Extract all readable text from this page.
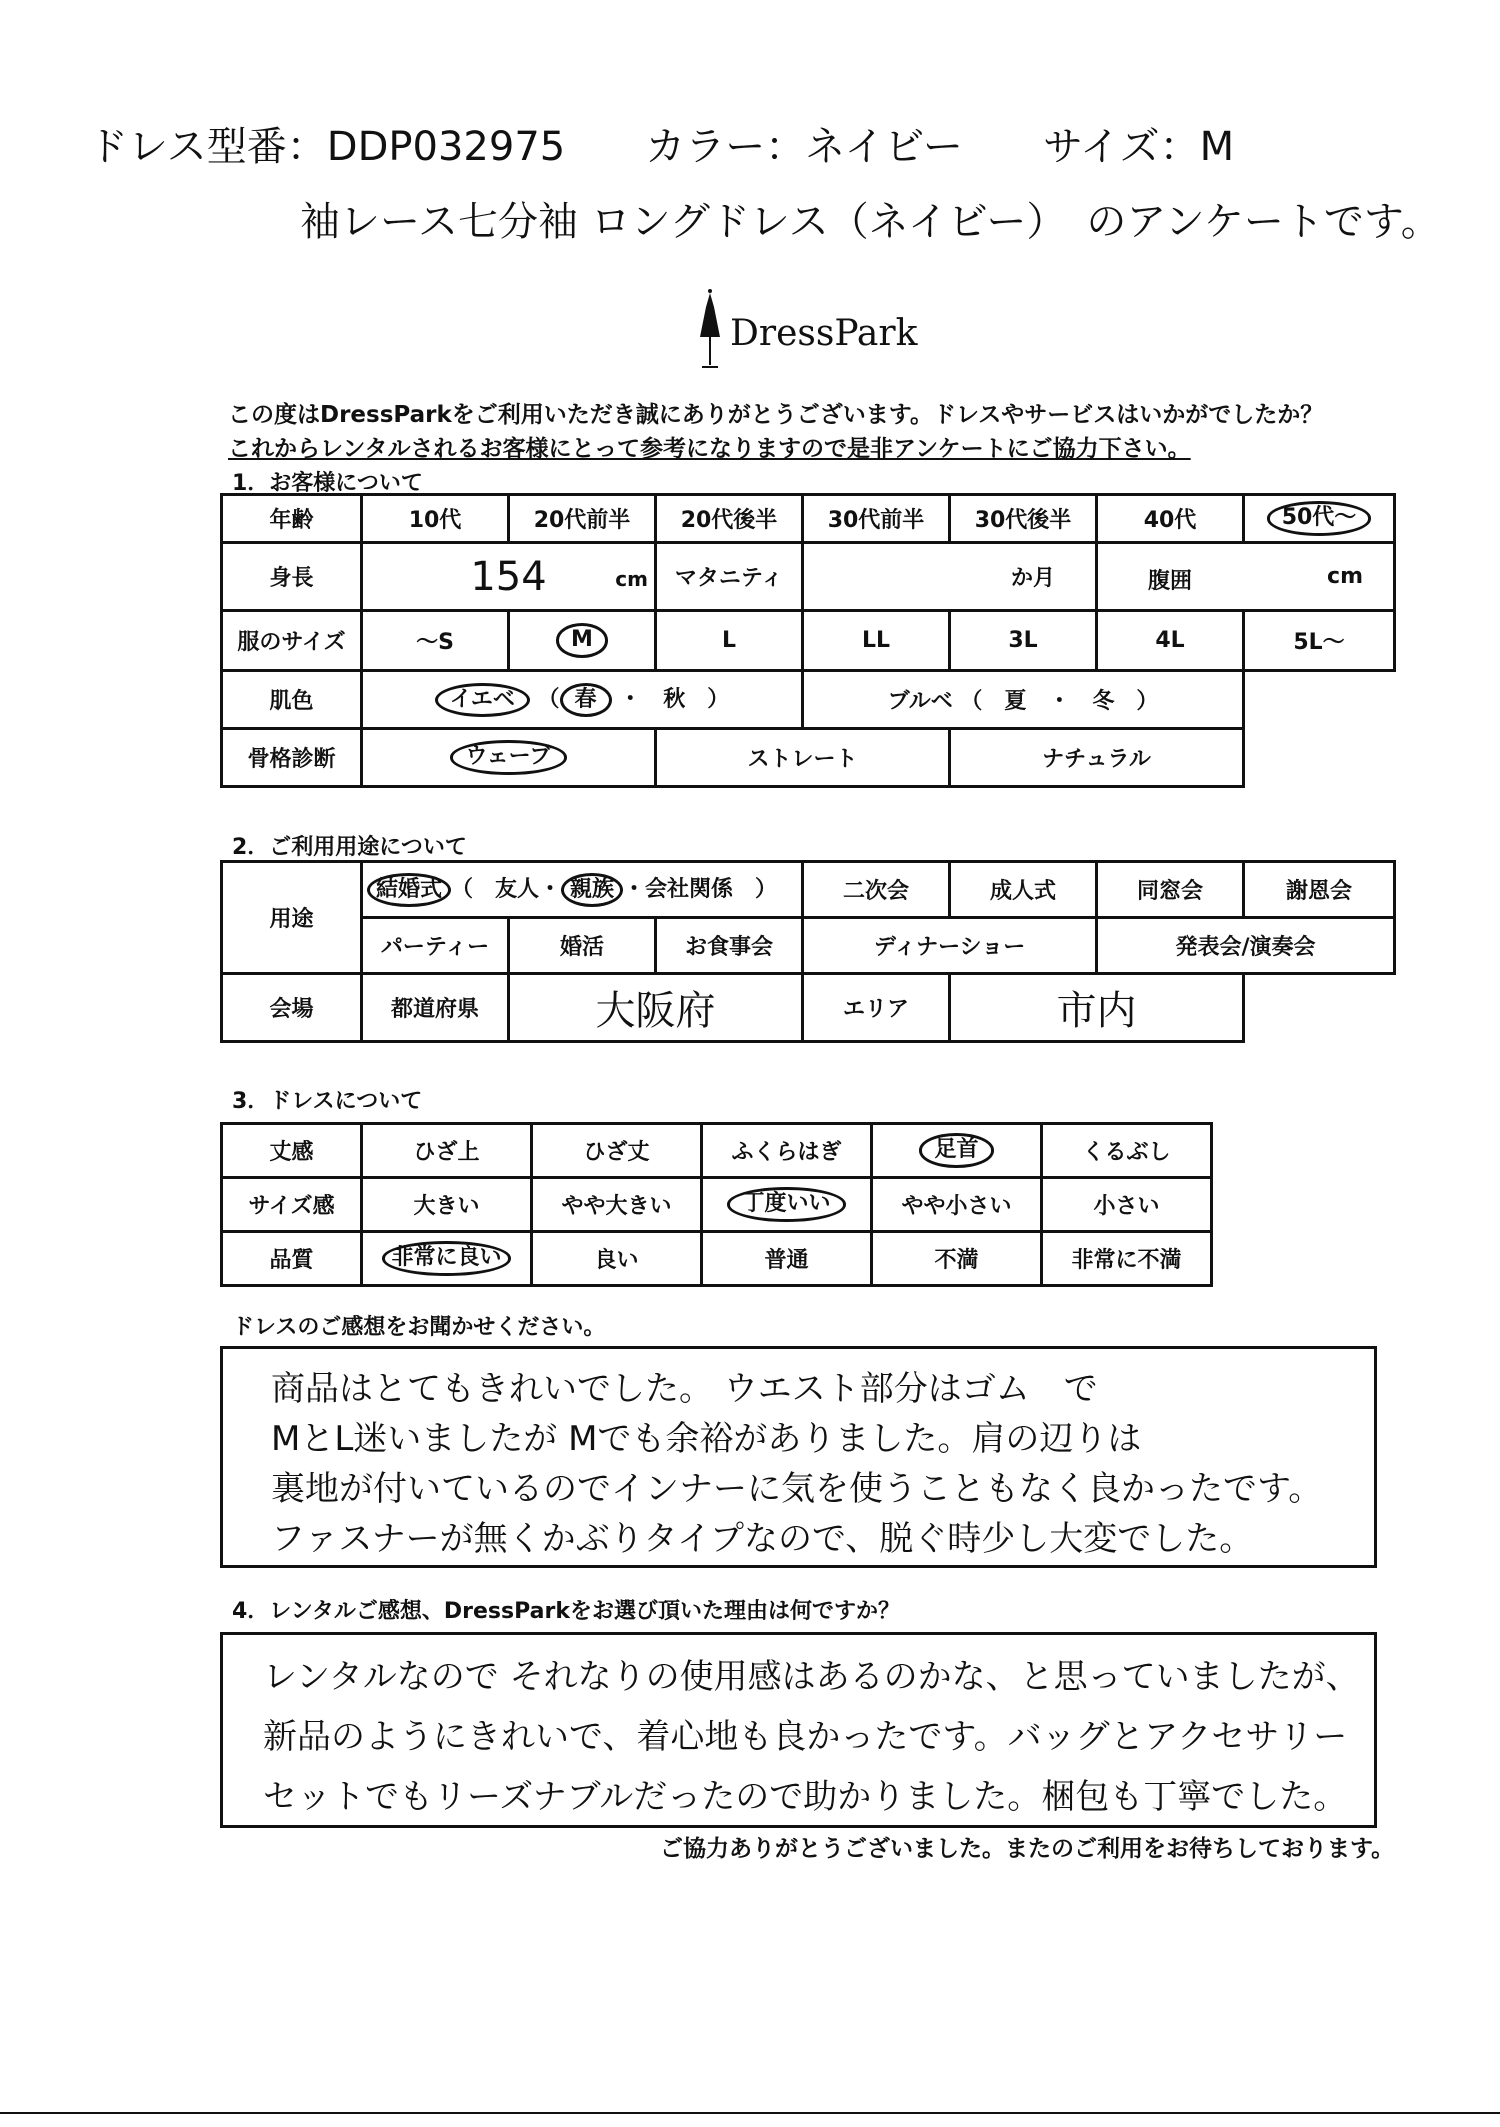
ドレス型番：DDP032975　　カラー：ネイビー　　サイズ：M
袖レース七分袖 ロングドレス（ネイビー）　のアンケートです。
DressPark
この度はDressParkをご利用いただき誠にありがとうございます。ドレスやサービスはいかがでしたか？
これからレンタルされるお客様にとって参考になりますので是非アンケートにご協力下さい。
1．お客様について
年齢	10代	20代前半	20代後半	30代前半	30代後半	40代	50代～
身長	154 cm		マタニティ	か月		腹囲 cm	

服のサイズ	～S	M	L	LL	3L	4L	5L～
肌色	イエベ （ 春 ・　秋　）			ブルベ （　夏　・　冬　）			
骨格診断	ウェーブ		ストレート		ナチュラル		
2．ご利用用途について
用途	結婚式 （　友人・ 親族 ・会社関係　）			二次会	成人式	同窓会	謝恩会
	パーティー	婚活	お食事会	ディナーショー		発表会/演奏会	
会場	都道府県	大阪府		エリア	市内		
3．ドレスについて
丈感	ひざ上	ひざ丈	ふくらはぎ	足首	くるぶし
サイズ感	大きい	やや大きい	丁度いい	やや小さい	小さい
品質	非常に良い	良い	普通	不満	非常に不満
ドレスのご感想をお聞かせください。
商品はとてもきれいでした。 ウエスト部分はゴム　で
MとL迷いましたが Mでも余裕がありました。肩の辺りは
裏地が付いているのでインナーに気を使うこともなく良かったです。
ファスナーが無くかぶりタイプなので、脱ぐ時少し大変でした。
4．レンタルご感想、DressParkをお選び頂いた理由は何ですか？
レンタルなので それなりの使用感はあるのかな、と思っていましたが、
新品のようにきれいで、着心地も良かったです。バッグとアクセサリー
セットでもリーズナブルだったので助かりました。梱包も丁寧でした。
ご協力ありがとうございました。またのご利用をお待ちしております。
